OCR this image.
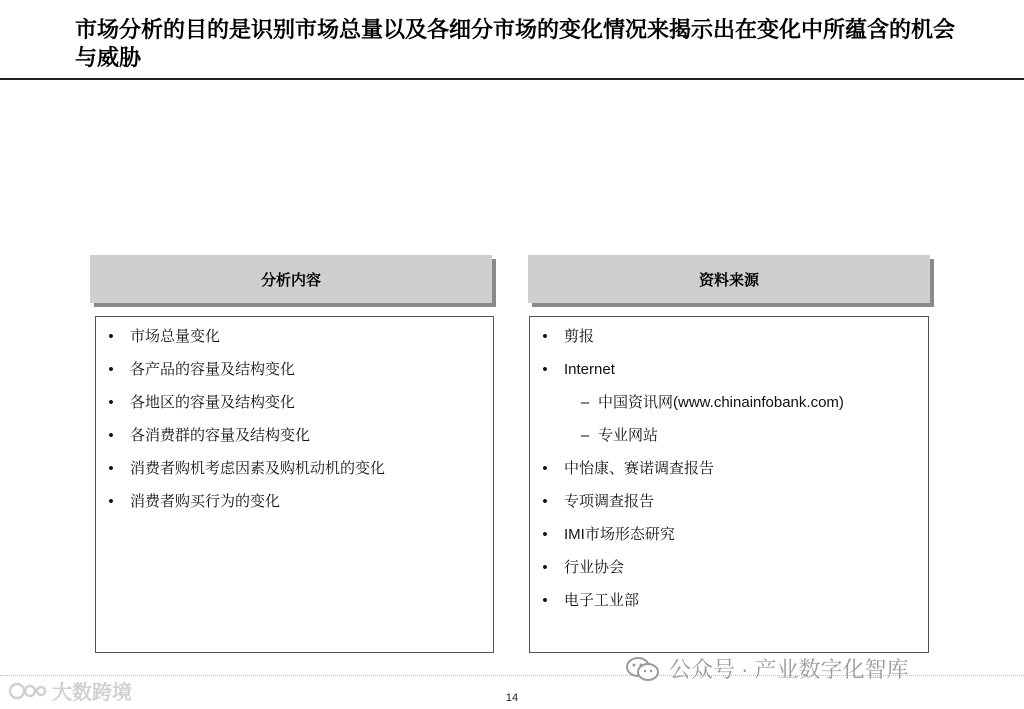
市场分析的目的是识别市场总量以及各细分市场的变化情况来揭示出在变化中所蕴含的机会与威胁
分析内容
• 市场总量变化
• 各产品的容量及结构变化
• 各地区的容量及结构变化
• 各消费群的容量及结构变化
• 消费者购机考虑因素及购机动机的变化
• 消费者购买行为的变化
资料来源
• 剪报
• Internet
– 中国资讯网(www.chinainfobank.com)
– 专业网站
• 中怡康、赛诺调查报告
• 专项调查报告
• IMI市场形态研究
• 行业协会
• 电子工业部
公众号 · 产业数字化智库
大数跨境	14
